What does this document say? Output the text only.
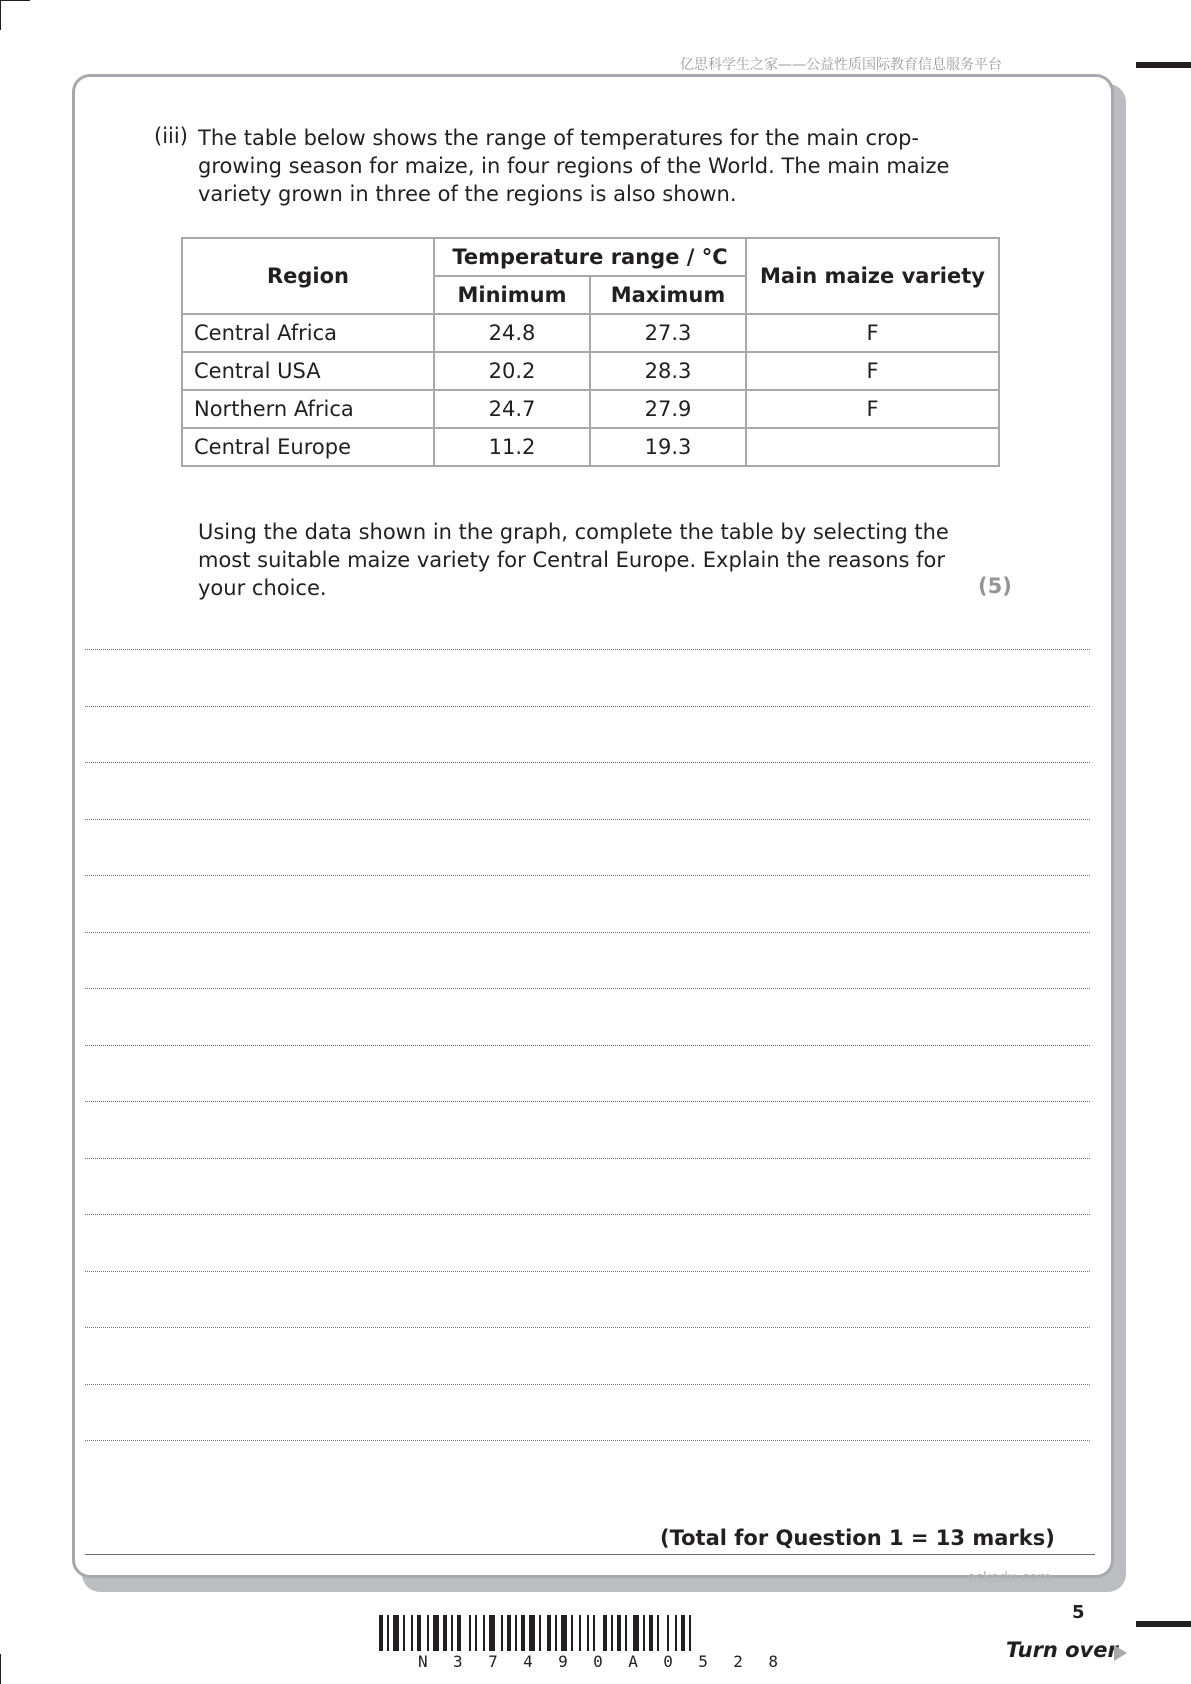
亿思科学生之家——公益性质国际教育信息服务平台
(iii) The table below shows the range of temperatures for the main crop-growing season for maize, in four regions of the World. The main maize variety grown in three of the regions is also shown.

Region	Temperature range / °C		Main maize variety
	Minimum	Maximum	
Central Africa	24.8	27.3	F
Central USA	20.2	28.3	F
Northern Africa	24.7	27.9	F
Central Europe	11.2	19.3	

Using the data shown in the graph, complete the table by selecting the most suitable maize variety for Central Europe. Explain the reasons for your choice.	(5)
(Total for Question 1 = 13 marks)
eskedu.com
5
N 3 7 4 9 0 A 0 5 2 8	Turn over
